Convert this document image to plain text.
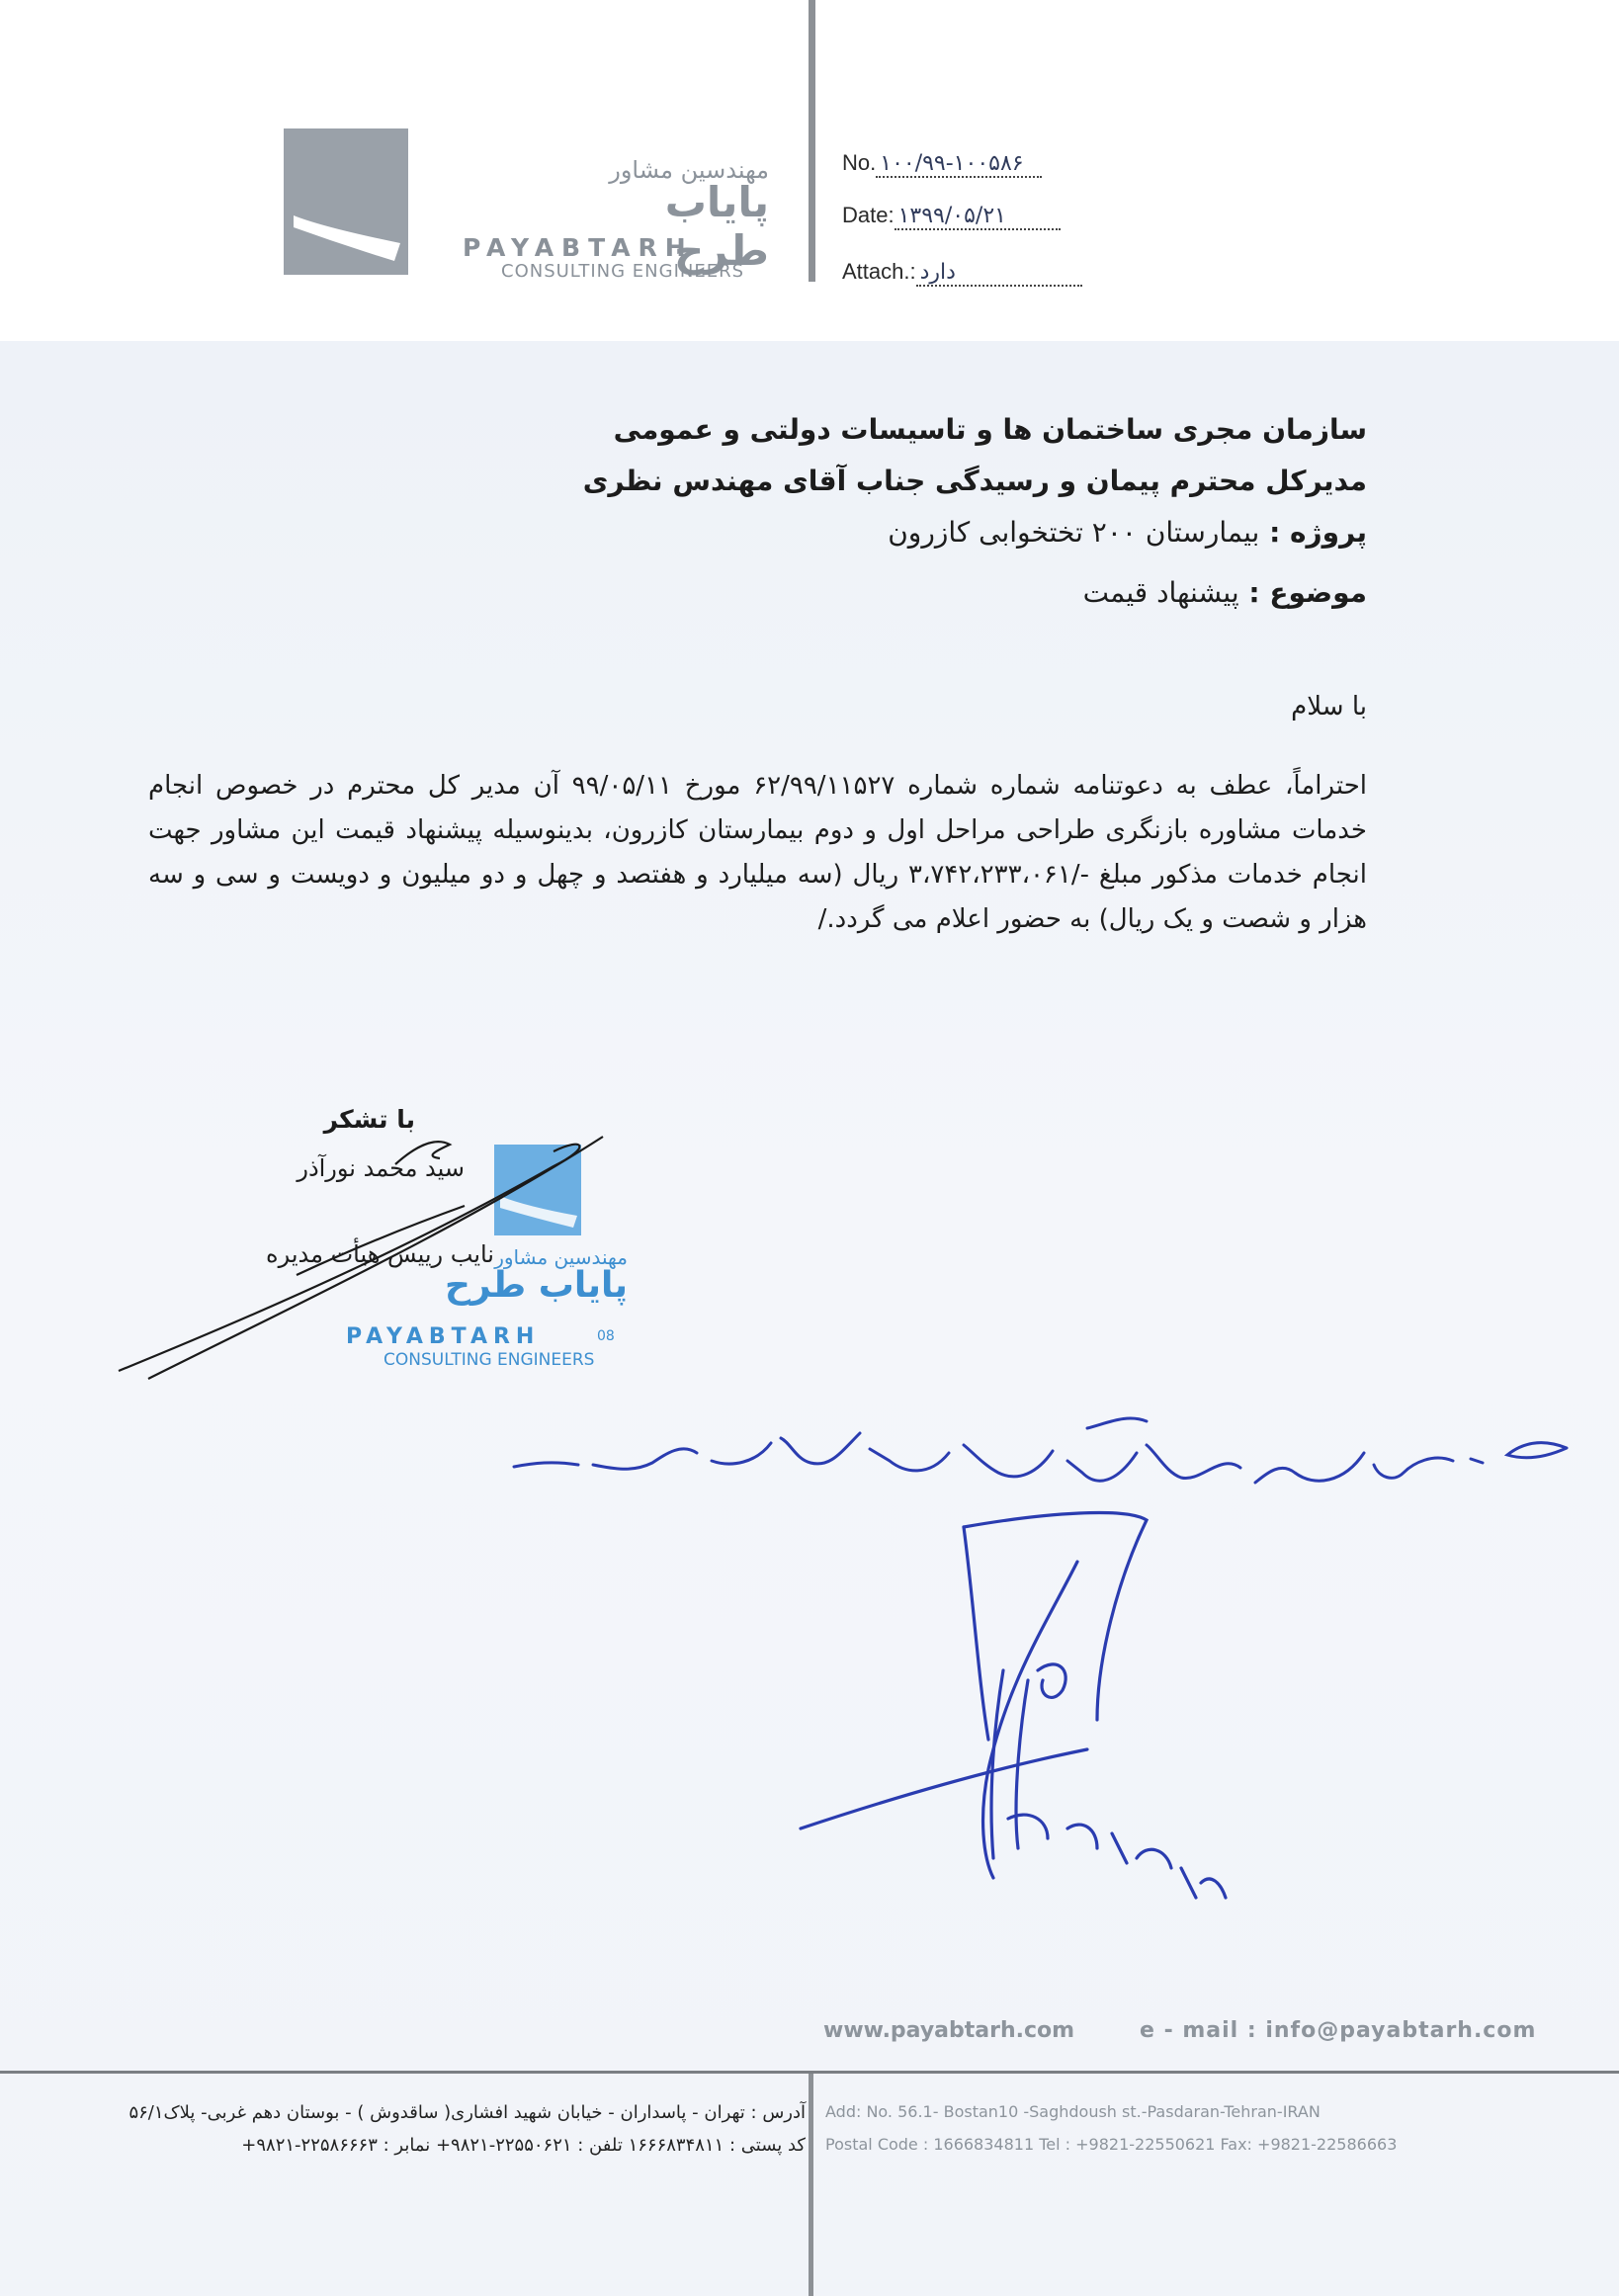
مهندسین مشاور
پایاب طرح
PAYABTARH
CONSULTING ENGINEERS
No. ۱۰۰/۹۹-۱۰۰۵۸۶
Date: ۱۳۹۹/۰۵/۲۱
Attach.: دارد
سازمان مجری ساختمان ها و تاسیسات دولتی و عمومی
مدیرکل محترم پیمان و رسیدگی جناب آقای مهندس نظری
پروژه : بیمارستان ۲۰۰ تختخوابی کازرون
موضوع : پیشنهاد قیمت
با سلام
احتراماً، عطف به دعوتنامه شماره شماره ۶۲/۹۹/۱۱۵۲۷ مورخ ۹۹/۰۵/۱۱ آن مدیر کل محترم در خصوص انجام خدمات مشاوره بازنگری طراحی مراحل اول و دوم بیمارستان کازرون، بدینوسیله پیشنهاد قیمت این مشاور جهت انجام خدمات مذکور مبلغ -/۳،۷۴۲،۲۳۳،۰۶۱ ریال (سه میلیارد و هفتصد و چهل و دو میلیون و دویست و سی و سه هزار و شصت و یک ریال) به حضور اعلام می گردد./
با تشکر
سید محمد نورآذر
نایب رییس هیأت مدیره مهندسین مشاور
پایاب طرح
PAYABTARH	08
CONSULTING ENGINEERS
www.payabtarh.com	e - mail : info@payabtarh.com
آدرس : تهران - پاسداران - خیابان شهید افشاری( ساقدوش ) - بوستان دهم غربی- پلاک۵۶/۱
کد پستی : ۱۶۶۶۸۳۴۸۱۱ تلفن : ۲۲۵۵۰۶۲۱-۹۸۲۱+ نمابر : ۲۲۵۸۶۶۶۳-۹۸۲۱+
Add: No. 56.1- Bostan10 -Saghdoush st.-Pasdaran-Tehran-IRAN
Postal Code : 1666834811 Tel : +9821-22550621 Fax: +9821-22586663
